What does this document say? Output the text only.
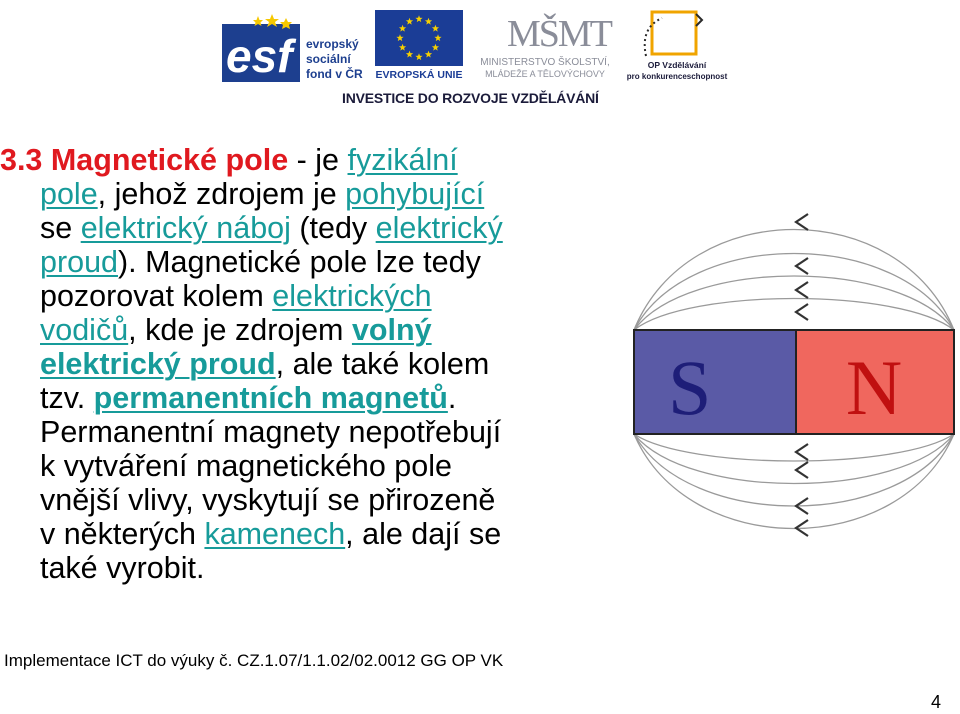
esf	evropský
sociální
fond v ČR EVROPSKÁ UNIE
MŠMT
MINISTERSTVO ŠKOLSTVÍ,
MLÁDEŽE A TĚLOVÝCHOVY
OP Vzdělávání
pro konkurenceschopnost
INVESTICE DO ROZVOJE VZDĚLÁVÁNÍ

3.3 Magnetické pole - je fyzikální

pole, jehož zdrojem je pohybující

se elektrický náboj (tedy elektrický

proud). Magnetické pole lze tedy

pozorovat kolem elektrických

vodičů, kde je zdrojem volný

elektrický proud, ale také kolem

tzv. permanentních magnetů.

Permanentní magnety nepotřebují

k vytváření magnetického pole

vnější vlivy, vyskytují se přirozeně

v některých kamenech, ale dají se

také vyrobit.

S N
Implementace ICT do výuky č. CZ.1.07/1.1.02/02.0012 GG OP VK
4
